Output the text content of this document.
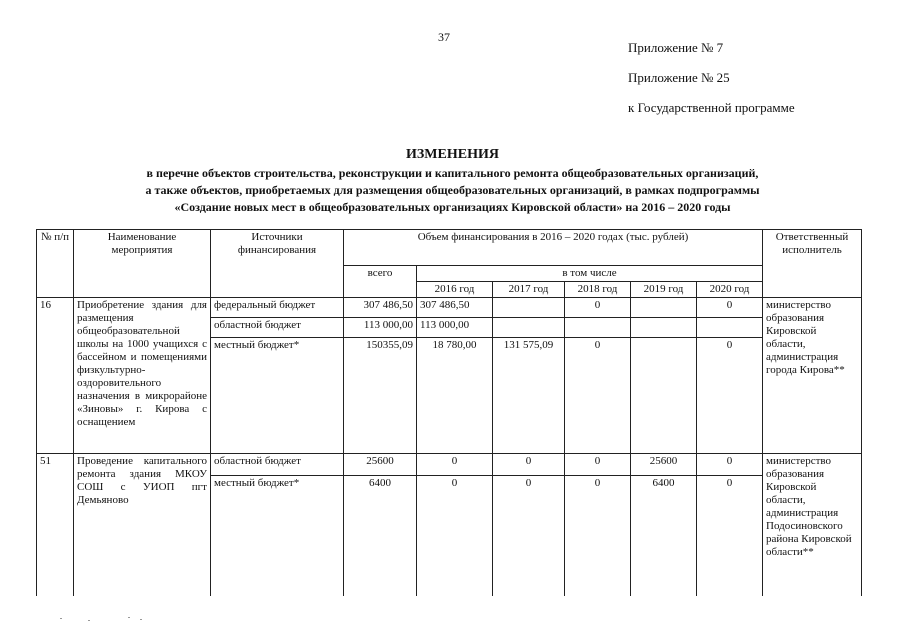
37
Приложение № 7
Приложение № 25
к Государственной программе
ИЗМЕНЕНИЯ
в перечне объектов строительства, реконструкции и капитального ремонта общеобразовательных организаций,
а также объектов, приобретаемых для размещения общеобразовательных организаций, в рамках подпрограммы
«Создание новых мест в общеобразовательных организациях Кировской области» на 2016 – 2020 годы
№ п/п	Наименование мероприятия	Источники финансирования	Объем финансирования в 2016 – 2020 годах (тыс. рублей)						Ответственный исполнитель
			всего	в том числе					
				2016 год	2017 год	2018 год	2019 год	2020 год	
16	Приобретение здания для размещения общеобразовательной школы на 1000 учащихся с бассейном и помещениями физкультурно-оздоровительного назначения в микрорайоне «Зиновы» г. Кирова с оснащением	федеральный бюджет	307 486,50	307 486,50		0		0	министерство образования Кировской области, администрация города Кирова**
		областной бюджет	113 000,00	113 000,00					
		местный бюджет*	150355,09	18 780,00	131 575,09	0		0	
51	Проведение капитального ремонта здания МКОУ СОШ с УИОП пгт Демьяново	областной бюджет	25600	0	0	0	25600	0	министерство образования Кировской области, администрация Подосиновского района Кировской области**
		местный бюджет*	6400	0	0	0	6400	0	
